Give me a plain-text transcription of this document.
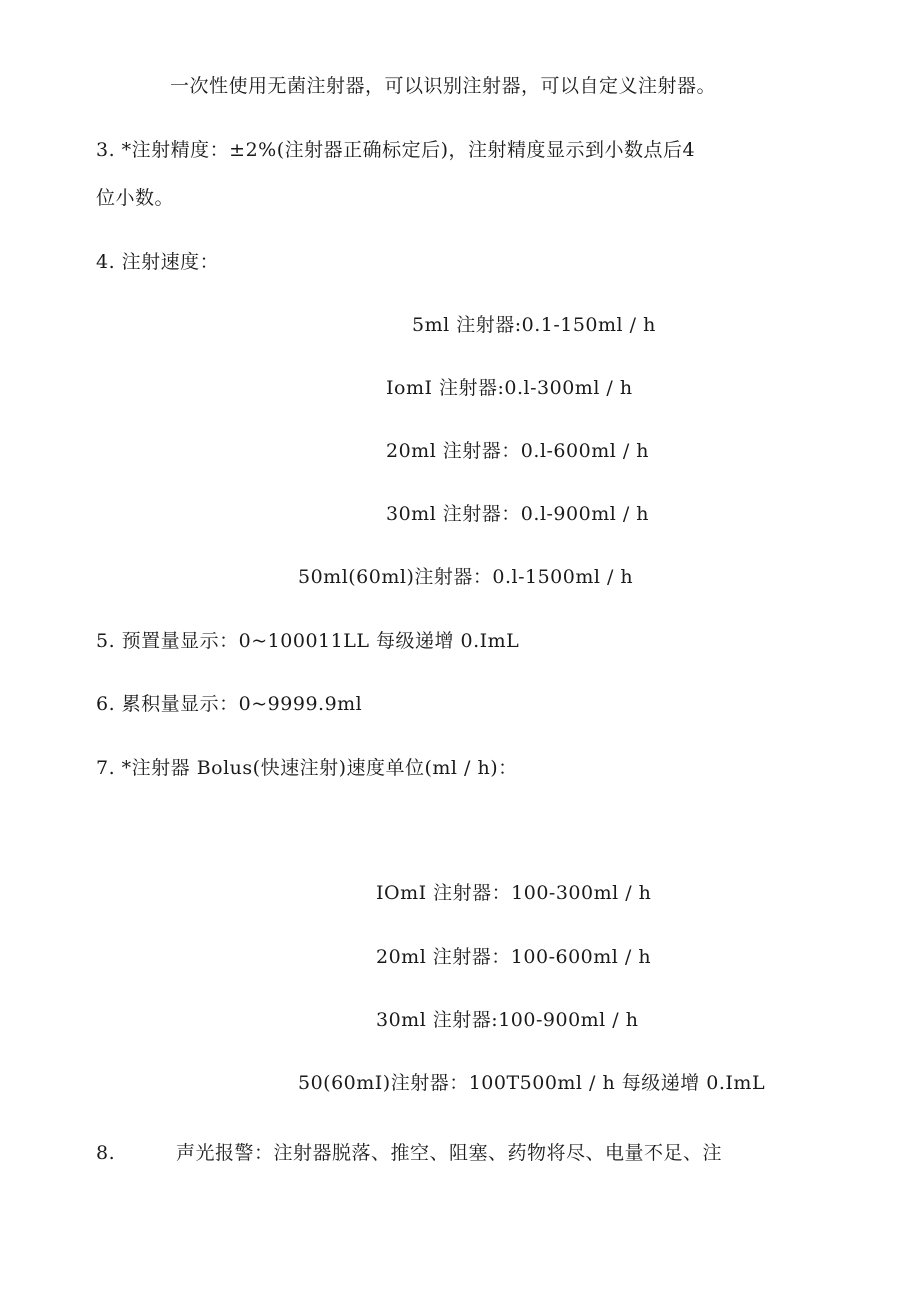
一次性使用无菌注射器，可以识别注射器，可以自定义注射器。
3. *注射精度：±2%(注射器正确标定后)，注射精度显示到小数点后4
位小数。
4. 注射速度：
5ml 注射器:0.1-150ml / h
IomI 注射器:0.l-300ml / h
20ml 注射器：0.l-600ml / h
30ml 注射器：0.l-900ml / h
50ml(60ml)注射器：0.l-1500ml / h
5. 预置量显示：0~100011LL 每级递增 0.ImL
6. 累积量显示：0~9999.9ml
7. *注射器 Bolus(快速注射)速度单位(ml / h)：
IOmI 注射器：100-300ml / h
20ml 注射器：100-600ml / h
30ml 注射器:100-900ml / h
50(60mI)注射器：100T500ml / h 每级递增 0.ImL
8.	声光报警：注射器脱落、推空、阻塞、药物将尽、电量不足、注
